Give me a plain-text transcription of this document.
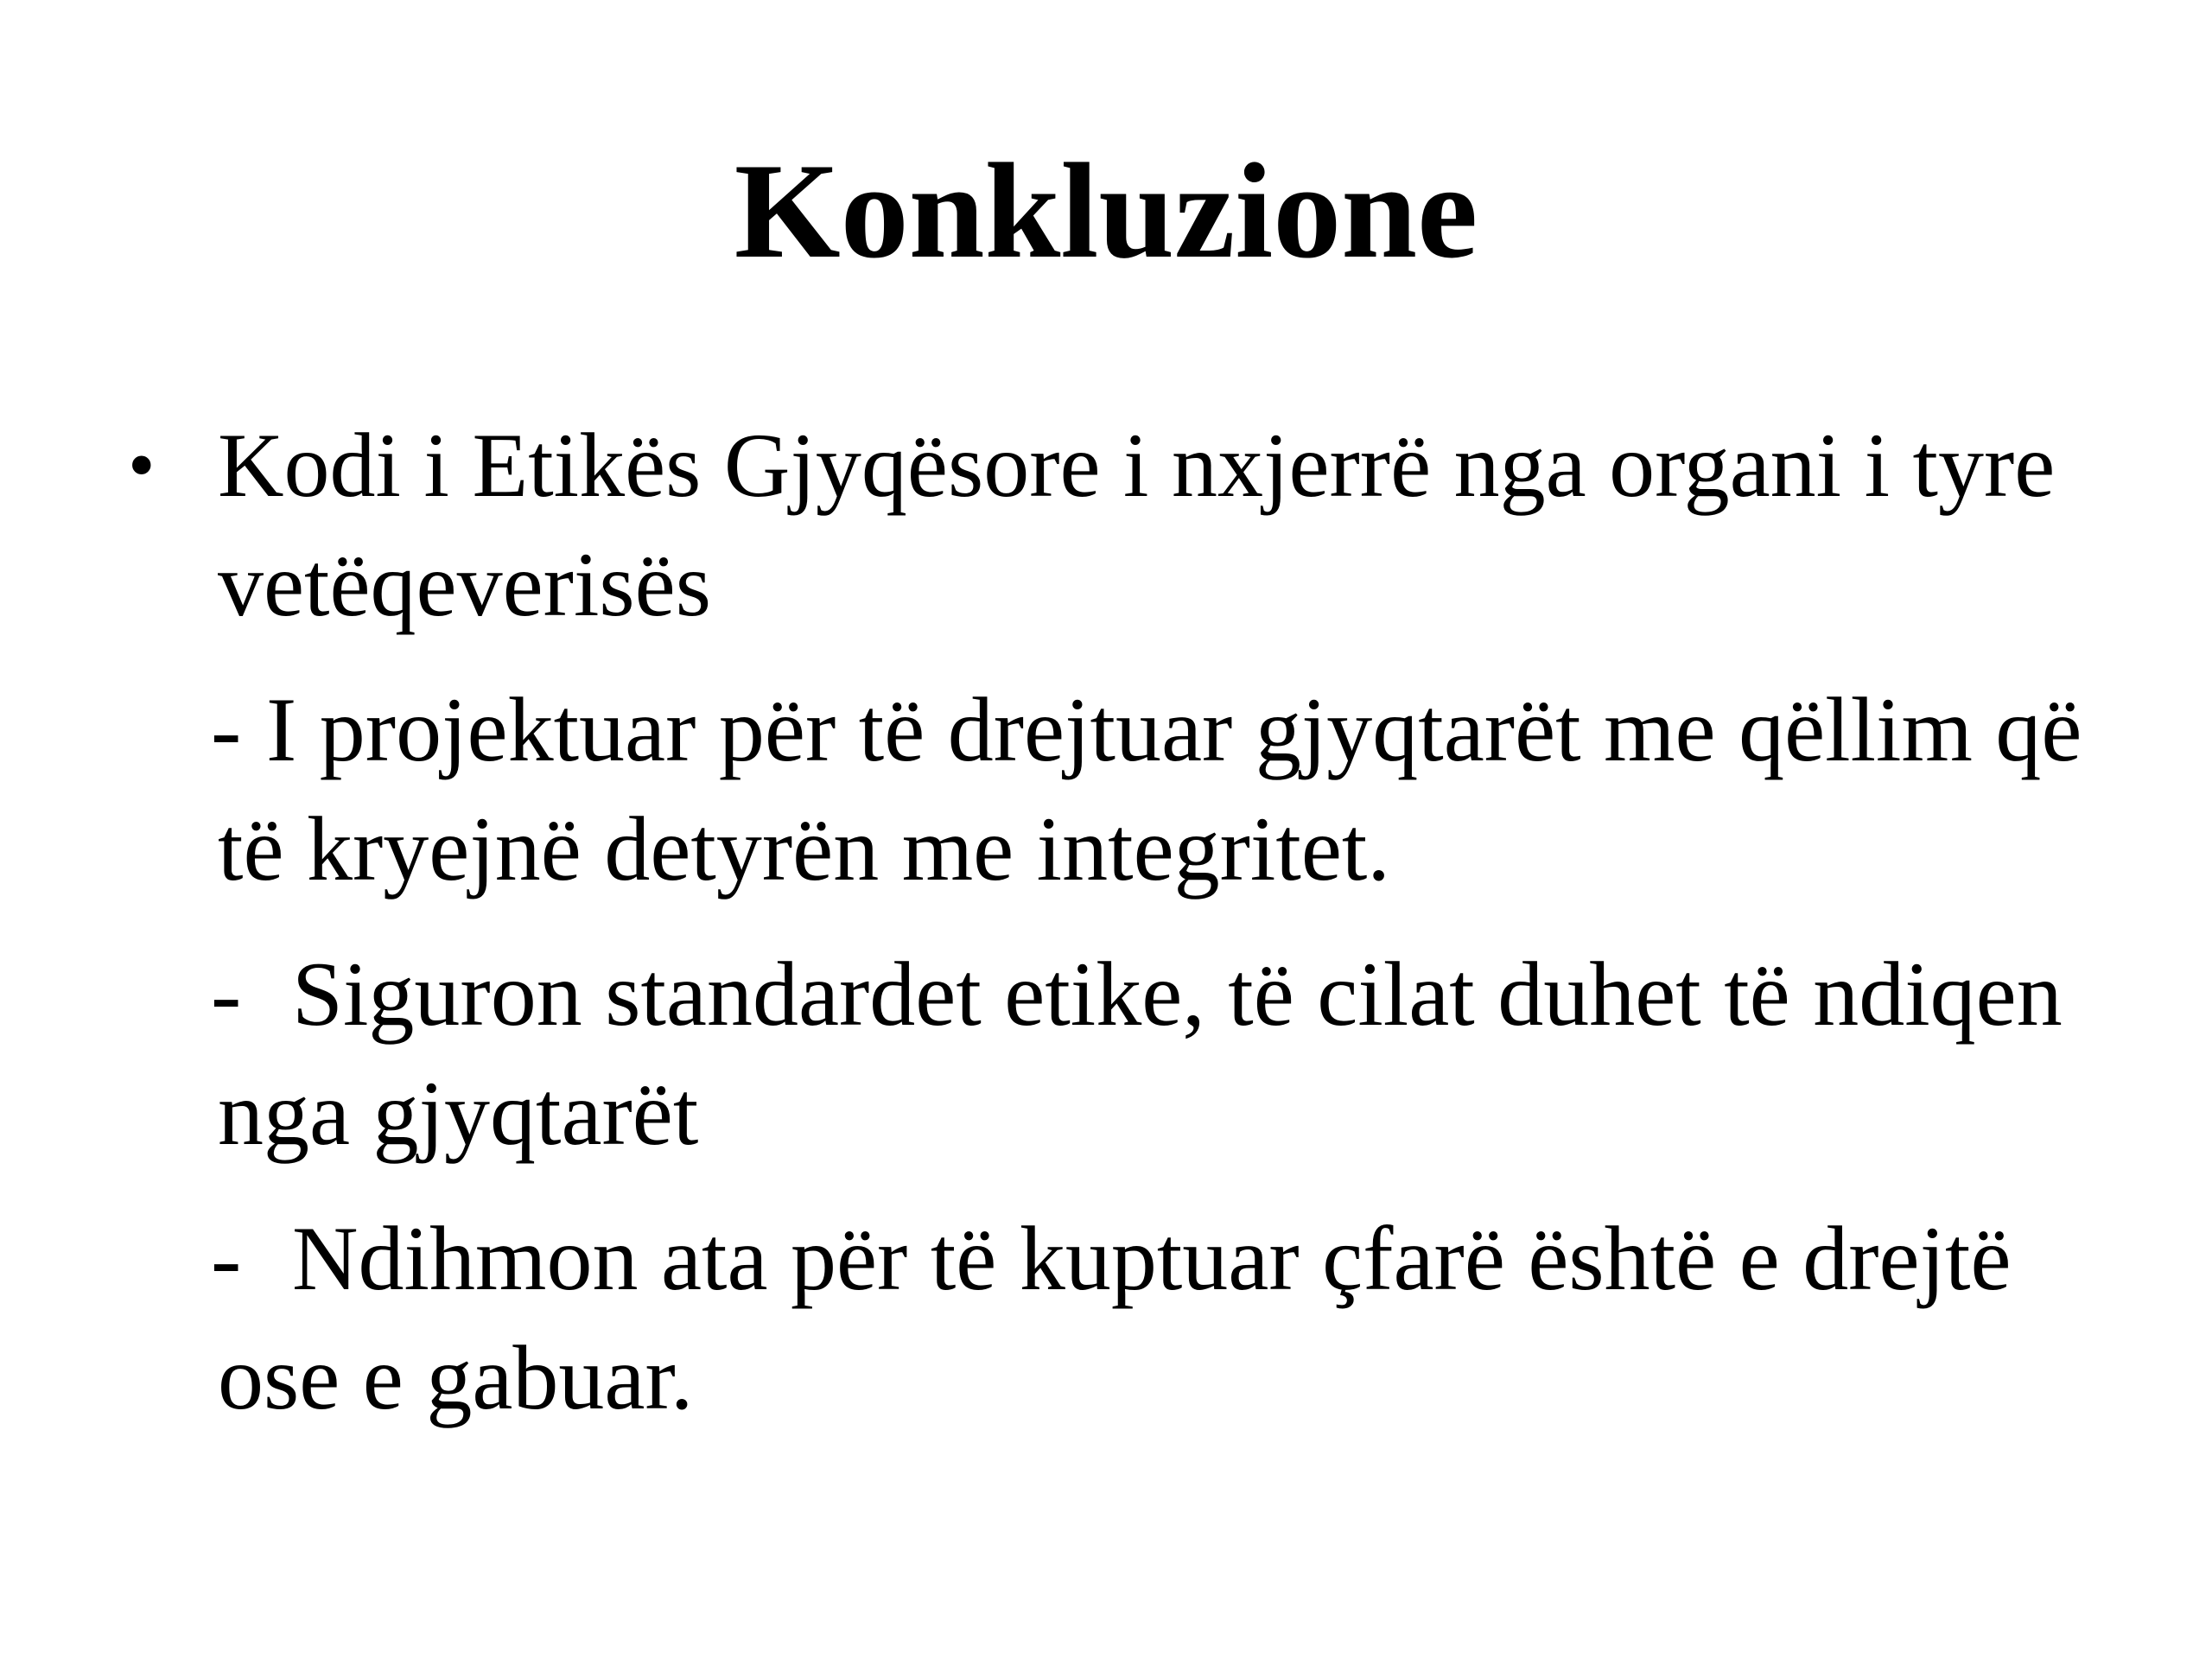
Konkluzione
• Kodi i Etikës Gjyqësore i nxjerrë nga organi i tyre vetëqeverisës
- I projektuar për të drejtuar gjyqtarët me qëllim që të kryejnë detyrën me integritet.
- Siguron standardet etike, të cilat duhet të ndiqen nga gjyqtarët
- Ndihmon ata për të kuptuar çfarë është e drejtë ose e gabuar.
